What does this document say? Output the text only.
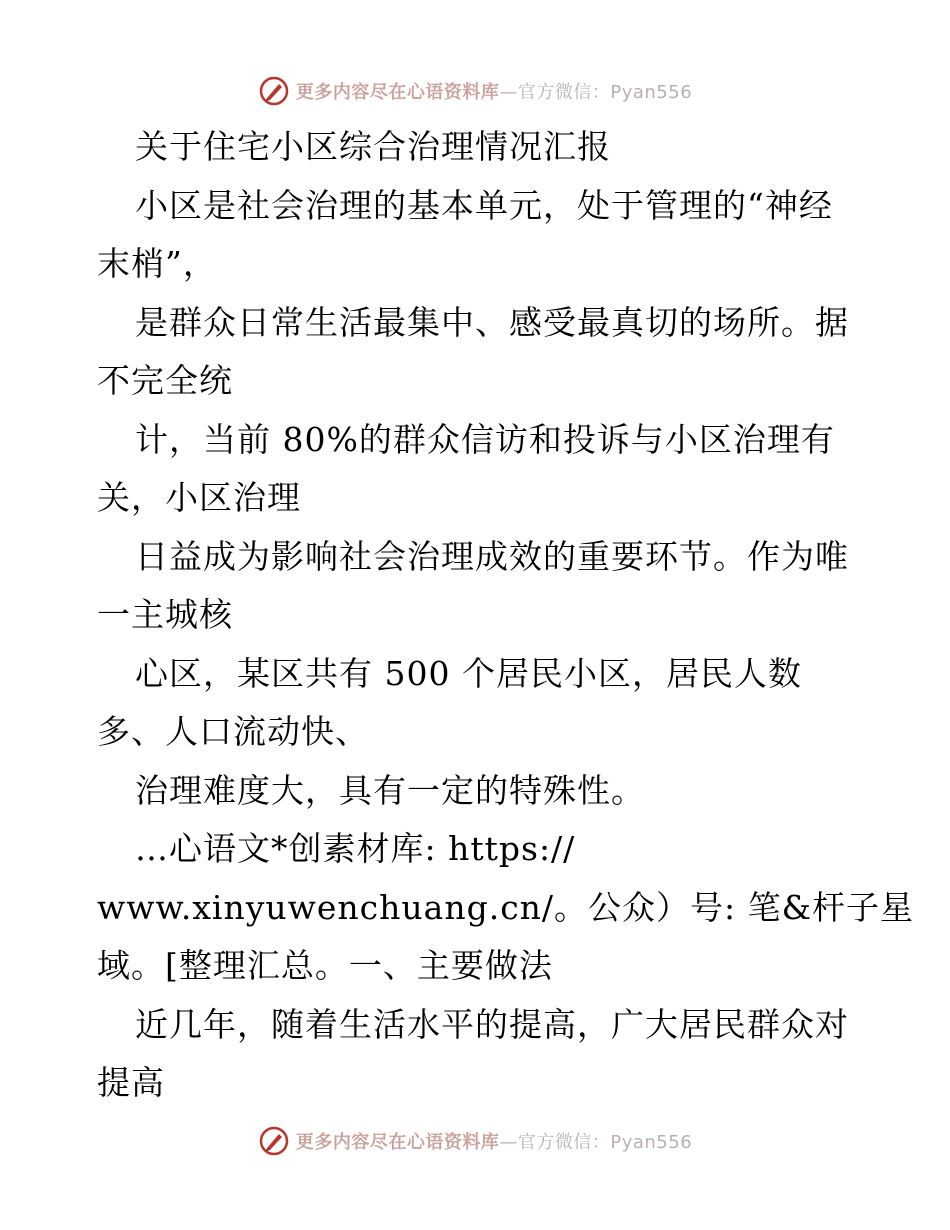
更多内容尽在心语资料库—官方微信：Pyan556
关于住宅小区综合治理情况汇报
小区是社会治理的基本单元，处于管理的“神经
末梢”，
是群众日常生活最集中、感受最真切的场所。据
不完全统
计，当前 80%的群众信访和投诉与小区治理有
关，小区治理
日益成为影响社会治理成效的重要环节。作为唯
一主城核
心区，某区共有 500 个居民小区，居民人数
多、人口流动快、
治理难度大，具有一定的特殊性。
…心语文*创素材库: https://
www.xinyuwenchuang.cn/。公众）号: 笔&杆子星
域。[整理汇总。一、主要做法
近几年，随着生活水平的提高，广大居民群众对
提高
更多内容尽在心语资料库—官方微信：Pyan556
